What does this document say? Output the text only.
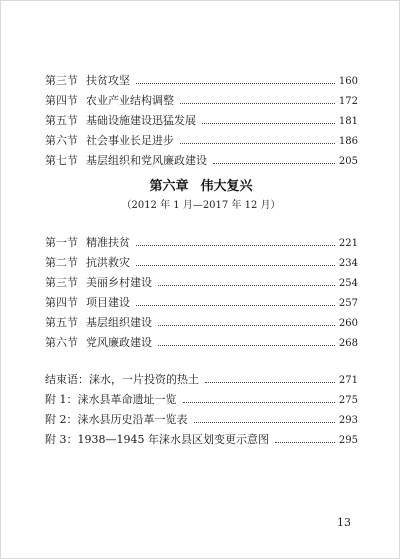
第三节 扶贫攻坚	160
第四节 农业产业结构调整	172
第五节 基础设施建设迅猛发展	181
第六节 社会事业长足进步	186
第七节 基层组织和党风廉政建设	205
第六章 伟大复兴
（2012 年 1 月—2017 年 12 月）
第一节 精准扶贫	221
第二节 抗洪救灾	234
第三节 美丽乡村建设	254
第四节 项目建设	257
第五节 基层组织建设	260
第六节 党风廉政建设	268
结束语：涞水，一片投资的热土	271
附 1：涞水县革命遗址一览	275
附 2：涞水县历史沿革一览表	293
附 3：1938—1945 年涞水县区划变更示意图	295
13
